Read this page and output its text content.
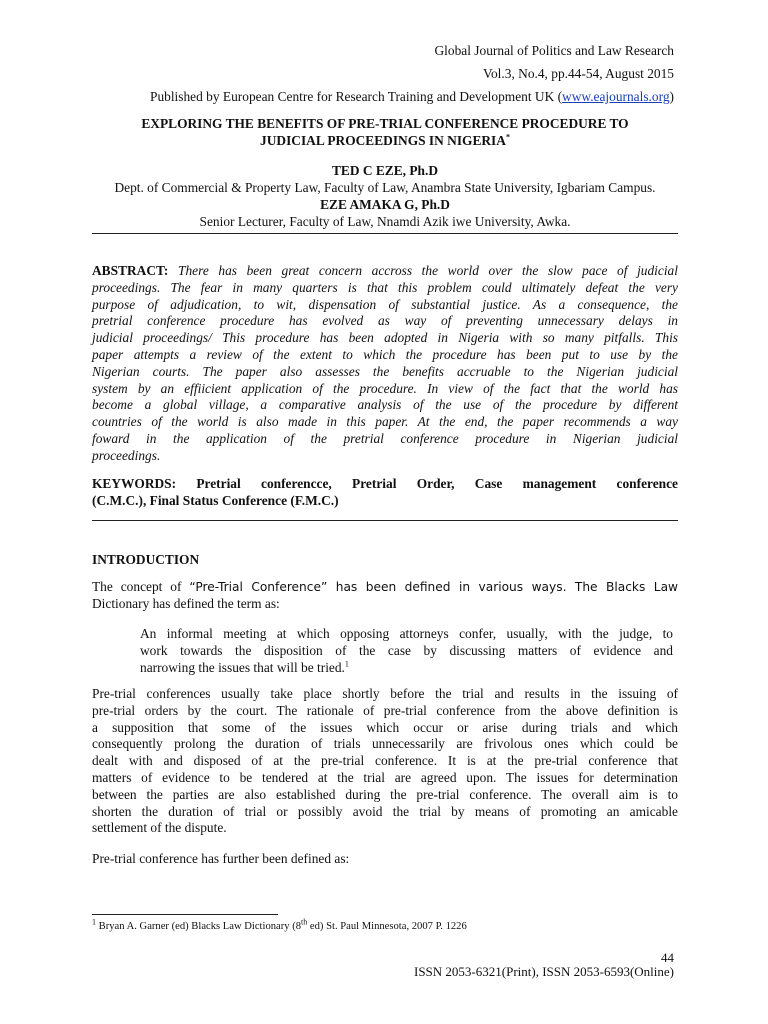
Global Journal of Politics and Law Research
Vol.3, No.4, pp.44-54, August 2015
Published by European Centre for Research Training and Development UK (www.eajournals.org)
EXPLORING THE BENEFITS OF PRE-TRIAL CONFERENCE PROCEDURE TO
JUDICIAL PROCEEDINGS IN NIGERIA*
TED C EZE, Ph.D
Dept. of Commercial & Property Law, Faculty of Law, Anambra State University, Igbariam Campus.
EZE AMAKA G, Ph.D
Senior Lecturer, Faculty of Law, Nnamdi Azik iwe University, Awka.
ABSTRACT: There has been great concern accross the world over the slow pace of judicial
proceedings. The fear in many quarters is that this problem could ultimately defeat the very
purpose of adjudication, to wit, dispensation of substantial justice. As a consequence, the
pretrial conference procedure has evolved as way of preventing unnecessary delays in
judicial proceedings/ This procedure has been adopted in Nigeria with so many pitfalls. This
paper attempts a review of the extent to which the procedure has been put to use by the
Nigerian courts. The paper also assesses the benefits accruable to the Nigerian judicial
system by an effiicient application of the procedure. In view of the fact that the world has
become a global village, a comparative analysis of the use of the procedure by different
countries of the world is also made in this paper. At the end, the paper recommends a way
foward in the application of the pretrial conference procedure in Nigerian judicial
proceedings.
KEYWORDS: Pretrial conferencce, Pretrial Order, Case management conference
(C.M.C.), Final Status Conference (F.M.C.)
INTRODUCTION
The concept of “Pre-Trial Conference” has been defined in various ways. The Blacks Law
Dictionary has defined the term as:
An informal meeting at which opposing attorneys confer, usually, with the judge, to
work towards the disposition of the case by discussing matters of evidence and
narrowing the issues that will be tried.$^1$
Pre-trial conferences usually take place shortly before the trial and results in the issuing of
pre-trial orders by the court. The rationale of pre-trial conference from the above definition is
a supposition that some of the issues which occur or arise during trials and which
consequently prolong the duration of trials unnecessarily are frivolous ones which could be
dealt with and disposed of at the pre-trial conference. It is at the pre-trial conference that
matters of evidence to be tendered at the trial are agreed upon. The issues for determination
between the parties are also established during the pre-trial conference. The overall aim is to
shorten the duration of trial or possibly avoid the trial by means of promoting an amicable
settlement of the dispute.
Pre-trial conference has further been defined as:
$^1$ Bryan A. Garner (ed) Blacks Law Dictionary (8th ed) St. Paul Minnesota, 2007 P. 1226
44
ISSN 2053-6321(Print), ISSN 2053-6593(Online)
